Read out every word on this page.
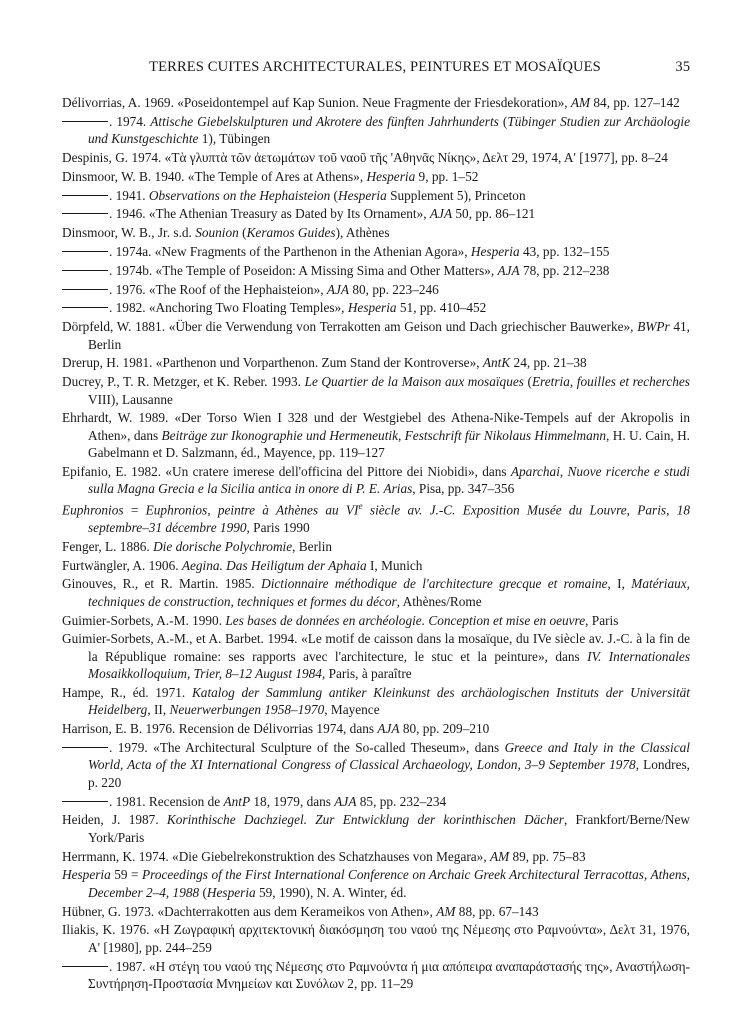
TERRES CUITES ARCHITECTURALES, PEINTURES ET MOSAÏQUES	35
Délivorrias, A. 1969. «Poseidontempel auf Kap Sunion. Neue Fragmente der Friesdekoration», AM 84, pp. 127–142
. 1974. Attische Giebelskulpturen und Akrotere des fünften Jahrhunderts (Tübinger Studien zur Archäologie und Kunstgeschichte 1), Tübingen
Despinis, G. 1974. «Τὰ γλυπτὰ τῶν ἀετωμάτων τοῦ ναοῦ τῆς 'Αθηνᾶς Νίκης», Δελτ 29, 1974, Α' [1977], pp. 8–24
Dinsmoor, W. B. 1940. «The Temple of Ares at Athens», Hesperia 9, pp. 1–52
. 1941. Observations on the Hephaisteion (Hesperia Supplement 5), Princeton
. 1946. «The Athenian Treasury as Dated by Its Ornament», AJA 50, pp. 86–121
Dinsmoor, W. B., Jr. s.d. Sounion (Keramos Guides), Athènes
. 1974a. «New Fragments of the Parthenon in the Athenian Agora», Hesperia 43, pp. 132–155
. 1974b. «The Temple of Poseidon: A Missing Sima and Other Matters», AJA 78, pp. 212–238
. 1976. «The Roof of the Hephaisteion», AJA 80, pp. 223–246
. 1982. «Anchoring Two Floating Temples», Hesperia 51, pp. 410–452
Dörpfeld, W. 1881. «Über die Verwendung von Terrakotten am Geison und Dach griechischer Bauwerke», BWPr 41, Berlin
Drerup, H. 1981. «Parthenon und Vorparthenon. Zum Stand der Kontroverse», AntK 24, pp. 21–38
Ducrey, P., T. R. Metzger, et K. Reber. 1993. Le Quartier de la Maison aux mosaïques (Eretria, fouilles et recherches VIII), Lausanne
Ehrhardt, W. 1989. «Der Torso Wien I 328 und der Westgiebel des Athena-Nike-Tempels auf der Akropolis in Athen», dans Beiträge zur Ikonographie und Hermeneutik, Festschrift für Nikolaus Himmelmann, H. U. Cain, H. Gabelmann et D. Salzmann, éd., Mayence, pp. 119–127
Epifanio, E. 1982. «Un cratere imerese dell'officina del Pittore dei Niobidi», dans Aparchai, Nuove ricerche e studi sulla Magna Grecia e la Sicilia antica in onore di P. E. Arias, Pisa, pp. 347–356
Euphronios = Euphronios, peintre à Athènes au VIe siècle av. J.-C. Exposition Musée du Louvre, Paris, 18 septembre–31 décembre 1990, Paris 1990
Fenger, L. 1886. Die dorische Polychromie, Berlin
Furtwängler, A. 1906. Aegina. Das Heiligtum der Aphaia I, Munich
Ginouves, R., et R. Martin. 1985. Dictionnaire méthodique de l'architecture grecque et romaine, I, Matériaux, techniques de construction, techniques et formes du décor, Athènes/Rome
Guimier-Sorbets, A.-M. 1990. Les bases de données en archéologie. Conception et mise en oeuvre, Paris
Guimier-Sorbets, A.-M., et A. Barbet. 1994. «Le motif de caisson dans la mosaïque, du IVe siècle av. J.-C. à la fin de la République romaine: ses rapports avec l'architecture, le stuc et la peinture», dans IV. Internationales Mosaikkolloquium, Trier, 8–12 August 1984, Paris, à paraître
Hampe, R., éd. 1971. Katalog der Sammlung antiker Kleinkunst des archäologischen Instituts der Universität Heidelberg, II, Neuerwerbungen 1958–1970, Mayence
Harrison, E. B. 1976. Recension de Délivorrias 1974, dans AJA 80, pp. 209–210
. 1979. «The Architectural Sculpture of the So-called Theseum», dans Greece and Italy in the Classical World, Acta of the XI International Congress of Classical Archaeology, London, 3–9 September 1978, Londres, p. 220
. 1981. Recension de AntP 18, 1979, dans AJA 85, pp. 232–234
Heiden, J. 1987. Korinthische Dachziegel. Zur Entwicklung der korinthischen Dächer, Frankfort/Berne/New York/Paris
Herrmann, K. 1974. «Die Giebelrekonstruktion des Schatzhauses von Megara», AM 89, pp. 75–83
Hesperia 59 = Proceedings of the First International Conference on Archaic Greek Architectural Terracottas, Athens, December 2–4, 1988 (Hesperia 59, 1990), N. A. Winter, éd.
Hübner, G. 1973. «Dachterrakotten aus dem Kerameikos von Athen», AM 88, pp. 67–143
Iliakis, K. 1976. «Η Ζωγραφική αρχιτεκτονική διακόσμηση του ναού της Νέμεσης στο Ραμνούντα», Δελτ 31, 1976, Α' [1980], pp. 244–259
. 1987. «Η στέγη του ναού της Νέμεσης στο Ραμνούντα ή μια απόπειρα αναπαράστασής της», Αναστήλωση-Συντήρηση-Προστασία Μνημείων και Συνόλων 2, pp. 11–29
